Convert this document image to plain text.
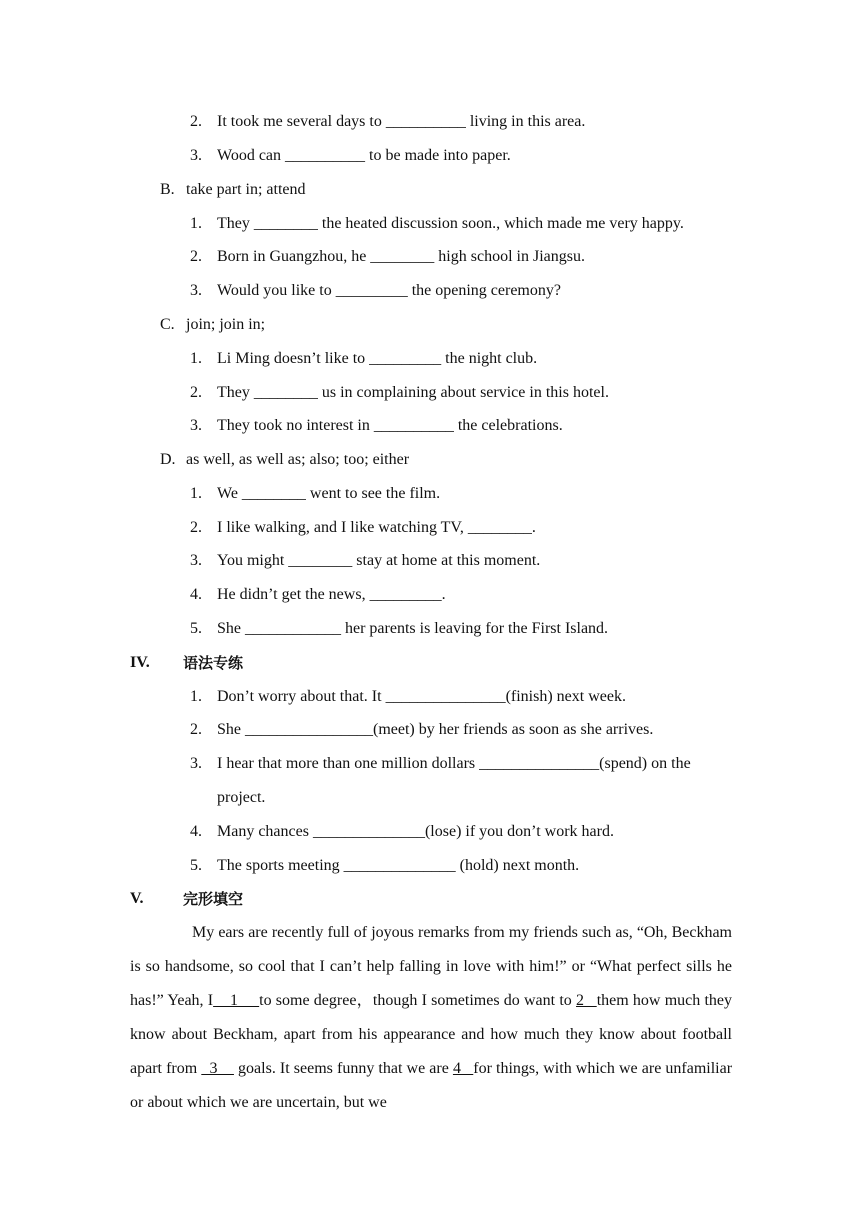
2. It took me several days to __________ living in this area.
3. Wood can __________ to be made into paper.
B. take part in; attend
1. They ________ the heated discussion soon., which made me very happy.
2. Born in Guangzhou, he ________ high school in Jiangsu.
3. Would you like to _________ the opening ceremony?
C. join; join in;
1. Li Ming doesn’t like to _________ the night club.
2. They ________ us in complaining about service in this hotel.
3. They took no interest in __________ the celebrations.
D. as well, as well as; also; too; either
1. We ________ went to see the film.
2. I like walking, and I like watching TV, ________.
3. You might ________ stay at home at this moment.
4. He didn’t get the news, _________.
5. She ____________ her parents is leaving for the First Island.
IV. 语法专练
1. Don’t worry about that. It _______________(finish) next week.
2. She ________________(meet) by her friends as soon as she arrives.
3. I hear that more than one million dollars _______________(spend) on the
project.
4. Many chances ______________(lose) if you don’t work hard.
5. The sports meeting ______________ (hold) next month.
V.	完形填空

My ears are recently full of joyous remarks from my friends such as, “Oh, Beckham is so handsome, so cool that I can’t help falling in love with him!” or “What perfect sills he has!” Yeah, I    1     to some degree，though I sometimes do want to 2   them how much they know about Beckham, apart from his appearance and how much they know about football apart from   3     goals. It seems funny that we are 4   for things, with which we are unfamiliar or about which we are uncertain, but we
